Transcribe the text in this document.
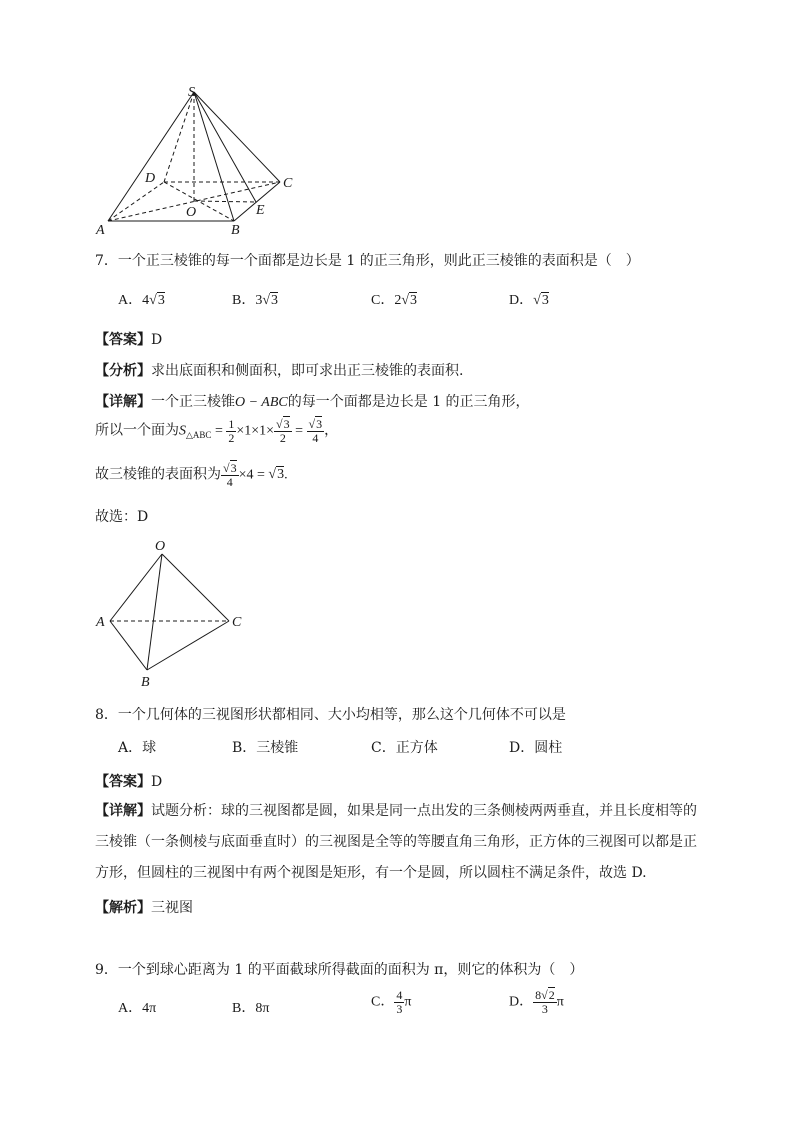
S
D	C
O	E
A	B
7．一个正三棱锥的每一个面都是边长是 1 的正三角形，则此正三棱锥的表面积是（　）
A．4√3	B．3√3	C．2√3	D．√3
【答案】D
【分析】求出底面积和侧面积，即可求出正三棱锥的表面积.
【详解】一个正三棱锥O − ABC的每一个面都是边长是 1 的正三角形，
所以一个面为$S_{\triangle ABC} = \frac{1}{2} \times 1\times 1\times \frac{√3}{2} = \frac{√3}{4}$ ，
故三棱锥的表面积为 $\frac{√3}{4} \times 4 = √3$.
故选：D
O
A	C
B
8．一个几何体的三视图形状都相同、大小均相等，那么这个几何体不可以是
A．球	B．三棱锥	C．正方体	D．圆柱
【答案】D
【详解】试题分析：球的三视图都是圆，如果是同一点出发的三条侧棱两两垂直，并且长度相等的
三棱锥（一条侧棱与底面垂直时）的三视图是全等的等腰直角三角形，正方体的三视图可以都是正
方形，但圆柱的三视图中有两个视图是矩形，有一个是圆，所以圆柱不满足条件，故选 D.
【解析】三视图
9．一个到球心距离为 1 的平面截球所得截面的面积为 π，则它的体积为（　）
A．4π	B．8π	C． $\frac{4}{3}$ π	D． $\frac{8√2}{3}$ π
